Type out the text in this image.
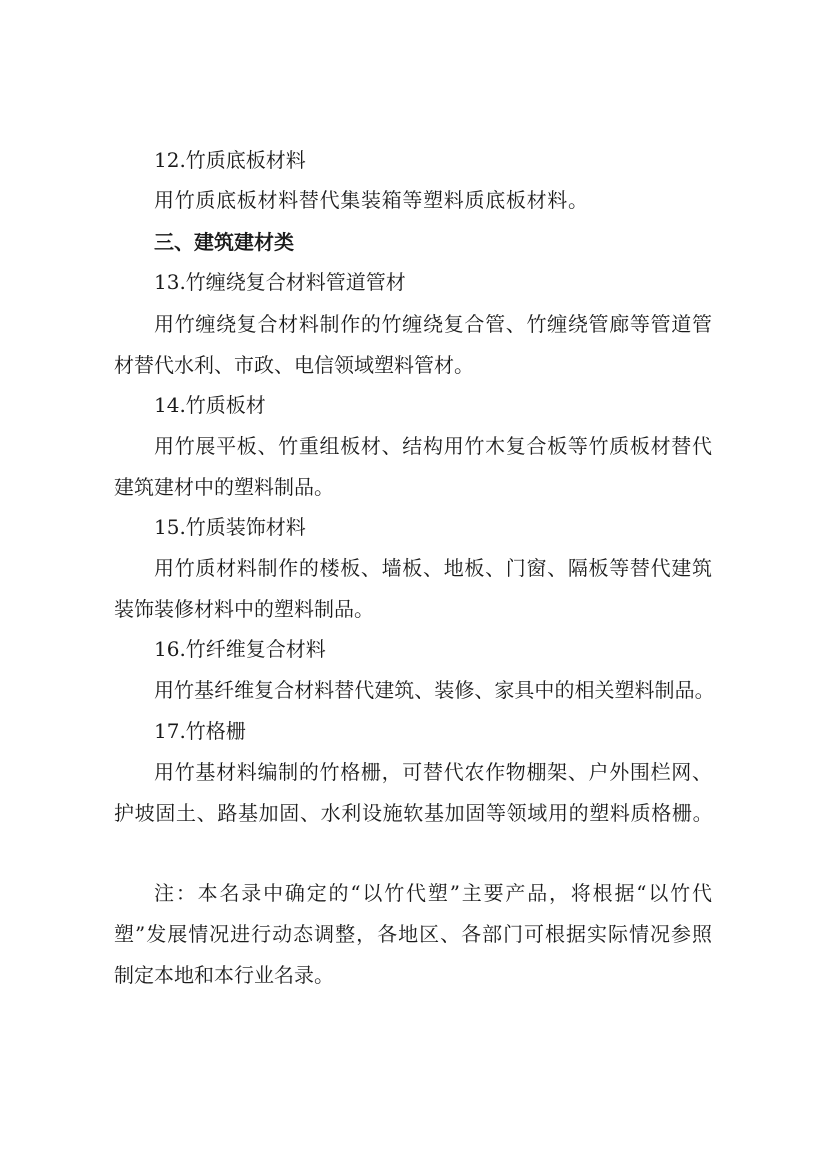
12.竹质底板材料
用竹质底板材料替代集装箱等塑料质底板材料。
三、建筑建材类
13.竹缠绕复合材料管道管材
用竹缠绕复合材料制作的竹缠绕复合管、竹缠绕管廊等管道管
材替代水利、市政、电信领域塑料管材。
14.竹质板材
用竹展平板、竹重组板材、结构用竹木复合板等竹质板材替代
建筑建材中的塑料制品。
15.竹质装饰材料
用竹质材料制作的楼板、墙板、地板、门窗、隔板等替代建筑
装饰装修材料中的塑料制品。
16.竹纤维复合材料
用竹基纤维复合材料替代建筑、装修、家具中的相关塑料制品。
17.竹格栅
用竹基材料编制的竹格栅，可替代农作物棚架、户外围栏网、
护坡固土、路基加固、水利设施软基加固等领域用的塑料质格栅。
注：本名录中确定的“以竹代塑”主要产品，将根据“以竹代
塑”发展情况进行动态调整，各地区、各部门可根据实际情况参照
制定本地和本行业名录。
